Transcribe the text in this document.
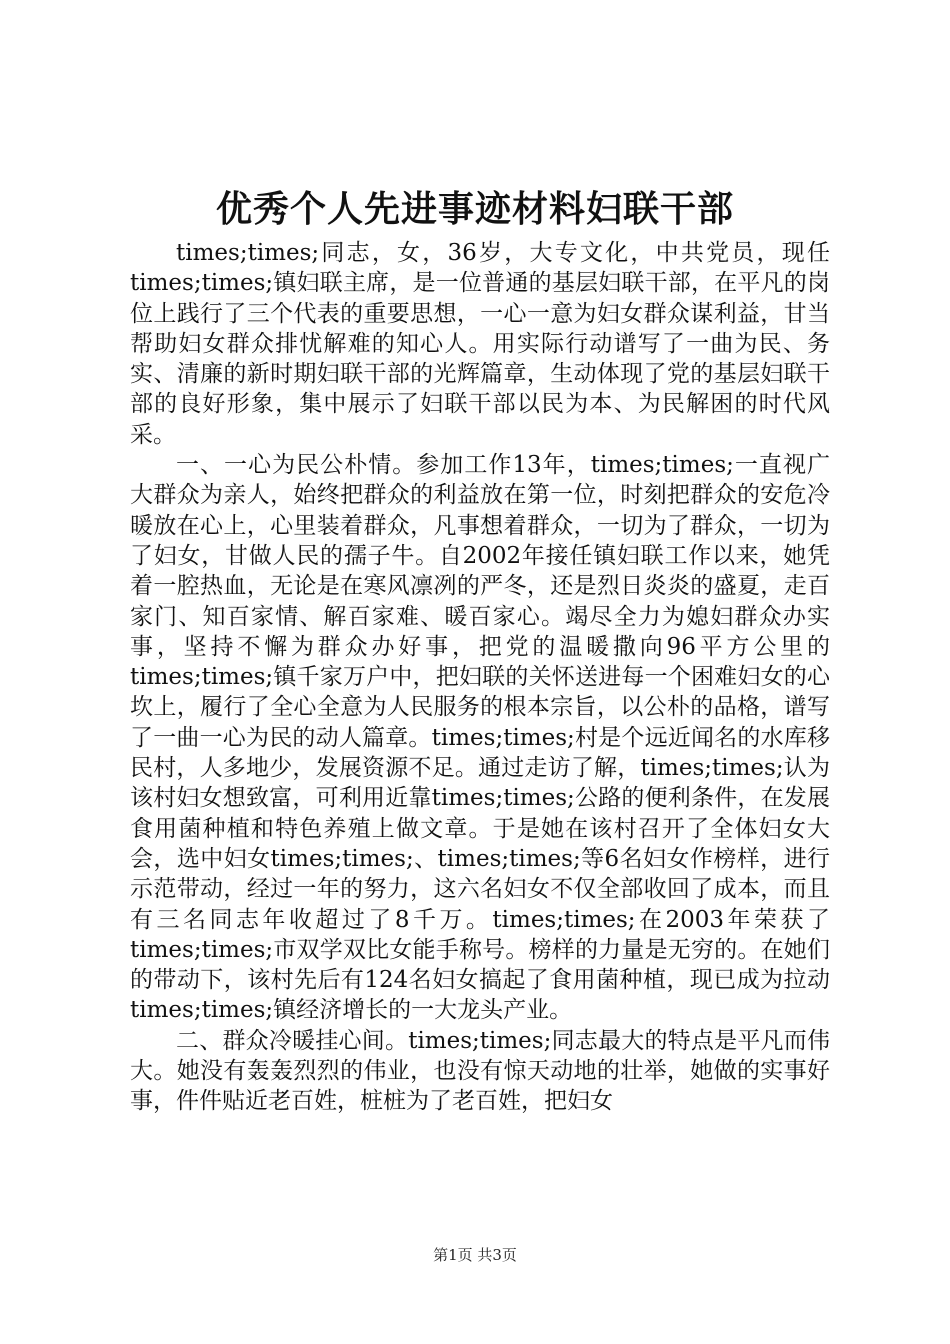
优秀个人先进事迹材料妇联干部

times;times;同志，女，36岁，大专文化，中共党员，现任times;times;镇妇联主席，是一位普通的基层妇联干部，在平凡的岗位上践行了三个代表的重要思想，一心一意为妇女群众谋利益，甘当帮助妇女群众排忧解难的知心人。用实际行动谱写了一曲为民、务实、清廉的新时期妇联干部的光辉篇章，生动体现了党的基层妇联干部的良好形象，集中展示了妇联干部以民为本、为民解困的时代风采。

一、一心为民公朴情。参加工作13年，times;times;一直视广大群众为亲人，始终把群众的利益放在第一位，时刻把群众的安危冷暖放在心上，心里装着群众，凡事想着群众，一切为了群众，一切为了妇女，甘做人民的孺子牛。自2002年接任镇妇联工作以来，她凭着一腔热血，无论是在寒风凛冽的严冬，还是烈日炎炎的盛夏，走百家门、知百家情、解百家难、暖百家心。竭尽全力为媳妇群众办实事，坚持不懈为群众办好事，把党的温暖撒向96平方公里的times;times;镇千家万户中，把妇联的关怀送进每一个困难妇女的心坎上，履行了全心全意为人民服务的根本宗旨，以公朴的品格，谱写了一曲一心为民的动人篇章。times;times;村是个远近闻名的水库移民村，人多地少，发展资源不足。通过走访了解，times;times;认为该村妇女想致富，可利用近靠times;times;公路的便利条件，在发展食用菌种植和特色养殖上做文章。于是她在该村召开了全体妇女大会，选中妇女times;times;、times;times;等6名妇女作榜样，进行示范带动，经过一年的努力，这六名妇女不仅全部收回了成本，而且有三名同志年收超过了8千万。times;times;在2003年荣获了times;times;市双学双比女能手称号。榜样的力量是无穷的。在她们的带动下，该村先后有124名妇女搞起了食用菌种植，现已成为拉动times;times;镇经济增长的一大龙头产业。

二、群众冷暖挂心间。times;times;同志最大的特点是平凡而伟大。她没有轰轰烈烈的伟业，也没有惊天动地的壮举，她做的实事好事，件件贴近老百姓，桩桩为了老百姓，把妇女

第1页 共3页
